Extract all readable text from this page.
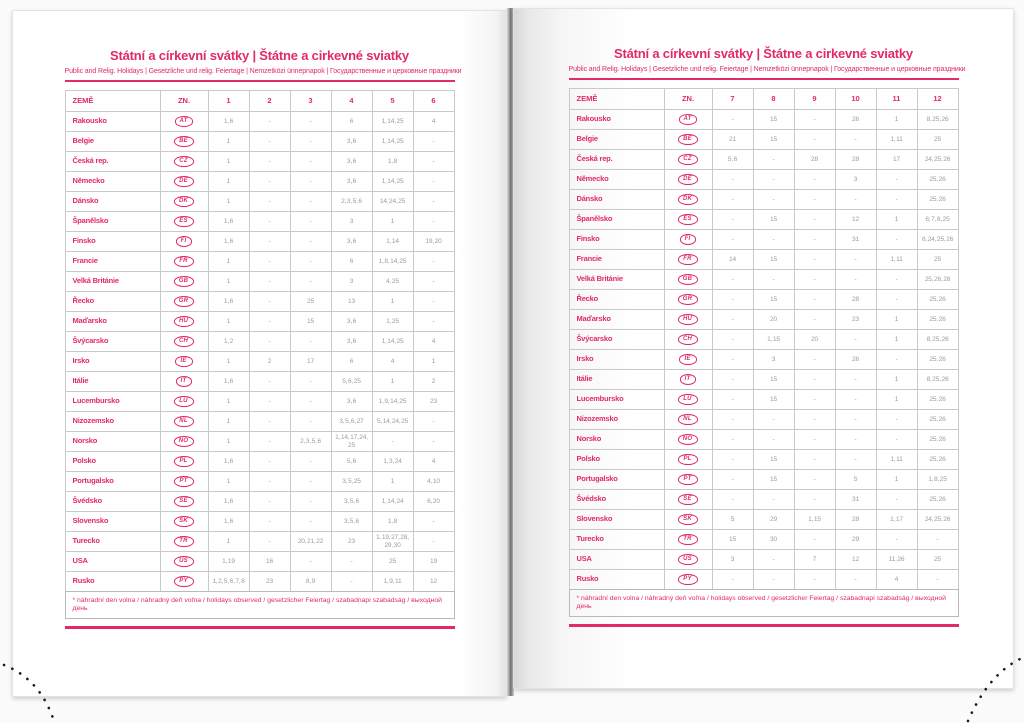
Státní a církevní svátky | Štátne a cirkevné sviatky
Public and Relig. Holidays | Gesetzliche und relig. Feiertage | Nemzetközi ünnepnapok | Государственные и церковные праздники
ZEMĚ	ZN.	1	2	3	4	5	6
Rakousko	AT	1, 6	-	-	6	1, 14, 25	4
Belgie	BE	1	-	-	3, 6	1, 14, 25	-
Česká rep.	CZ	1	-	-	3, 6	1, 8	-
Německo	DE	1	-	-	3, 6	1, 14, 25	-
Dánsko	DK	1	-	-	2, 3, 5, 6	14, 24, 25	-
Španělsko	ES	1, 6	-	-	3	1	-
Finsko	FI	1, 6	-	-	3, 6	1, 14	19, 20
Francie	FR	1	-	-	6	1, 8, 14, 25	-
Velká Británie	GB	1	-	-	3	4, 25	-
Řecko	GR	1, 6	-	25	13	1	-
Maďarsko	HU	1	-	15	3, 6	1, 25	-
Švýcarsko	CH	1, 2	-	-	3, 6	1, 14, 25	4
Irsko	IE	1	2	17	6	4	1
Itálie	IT	1, 6	-	-	5, 6, 25	1	2
Lucembursko	LU	1	-	-	3, 6	1, 9, 14, 25	23
Nizozemsko	NL	1	-	-	3, 5, 6, 27	5, 14, 24, 25	-
Norsko	NO	1	-	2, 3, 5, 6	1, 14, 17, 24, 25	-	-
Polsko	PL	1, 6	-	-	5, 6	1, 3, 24	4
Portugalsko	PT	1	-	-	3, 5, 25	1	4, 10
Švédsko	SE	1, 6	-	-	3, 5, 6	1, 14, 24	6, 20
Slovensko	SK	1, 6	-	-	3, 5, 6	1, 8	-
Turecko	TR	1	-	20, 21, 22	23	1, 19, 27, 28, 29, 30	-
USA	US	1, 19	16	-	-	25	19
Rusko	PY	1, 2, 5, 6, 7, 8	23	8, 9	-	1, 9, 11	12
* náhradní den volna / náhradný deň voľna / holidays observed / gesetzlicher Feiertag / szabadnapi szabadság / выходной день
Státní a církevní svátky | Štátne a cirkevné sviatky
Public and Relig. Holidays | Gesetzliche und relig. Feiertage | Nemzetközi ünnepnapok | Государственные и церковные праздники
ZEMĚ	ZN.	7	8	9	10	11	12
Rakousko	AT	-	15	-	26	1	8, 25, 26
Belgie	BE	21	15	-	-	1, 11	25
Česká rep.	CZ	5, 6	-	28	28	17	24, 25, 26
Německo	DE	-	-	-	3	-	25, 26
Dánsko	DK	-	-	-	-	-	25, 26
Španělsko	ES	-	15	-	12	1	6, 7, 8, 25
Finsko	FI	-	-	-	31	-	6, 24, 25, 26
Francie	FR	14	15	-	-	1, 11	25
Velká Británie	GB	-	-	-	-	-	25, 26, 28
Řecko	GR	-	15	-	28	-	25, 26
Maďarsko	HU	-	20	-	23	1	25, 26
Švýcarsko	CH	-	1, 15	20	-	1	8, 25, 26
Irsko	IE	-	3	-	26	-	25, 26
Itálie	IT	-	15	-	-	1	8, 25, 26
Lucembursko	LU	-	15	-	-	1	25, 26
Nizozemsko	NL	-	-	-	-	-	25, 26
Norsko	NO	-	-	-	-	-	25, 26
Polsko	PL	-	15	-	-	1, 11	25, 26
Portugalsko	PT	-	15	-	5	1	1, 8, 25
Švédsko	SE	-	-	-	31	-	25, 26
Slovensko	SK	5	29	1, 15	28	1, 17	24, 25, 26
Turecko	TR	15	30	-	29	-	-
USA	US	3	-	7	12	11, 26	25
Rusko	PY	-	-	-	-	4	-
* náhradní den volna / náhradný deň voľna / holidays observed / gesetzlicher Feiertag / szabadnapi szabadság / выходной день
